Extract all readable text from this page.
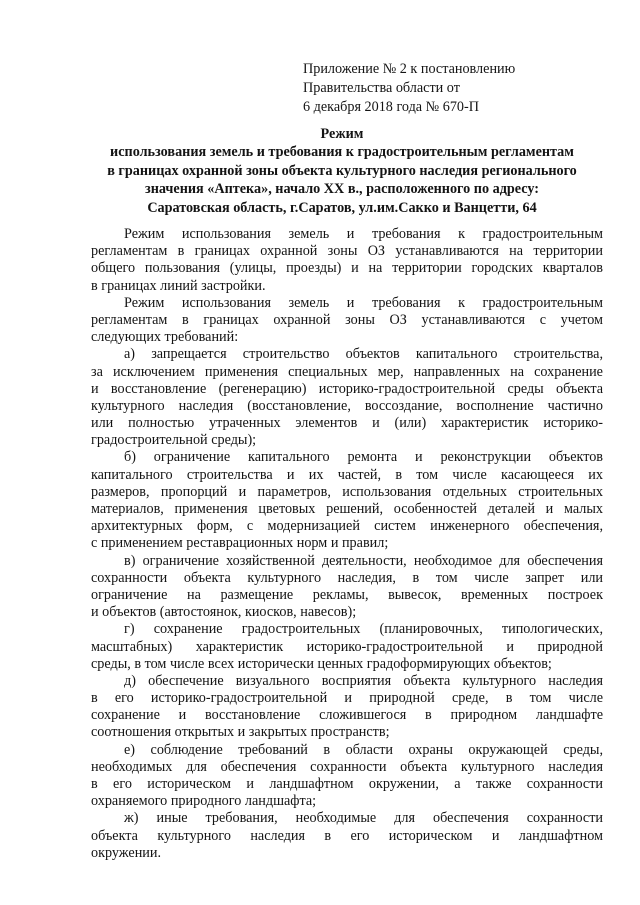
Приложение № 2 к постановлению
Правительства области от
6 декабря 2018 года № 670-П
Режим
использования земель и требования к градостроительным регламентам
в границах охранной зоны объекта культурного наследия регионального
значения «Аптека», начало XX в., расположенного по адресу:
Саратовская область, г.Саратов, ул.им.Сакко и Ванцетти, 64
Режим использования земель и требования к градостроительным
регламентам в границах охранной зоны ОЗ устанавливаются на территории
общего пользования (улицы, проезды) и на территории городских кварталов
в границах линий застройки.
Режим использования земель и требования к градостроительным
регламентам в границах охранной зоны ОЗ устанавливаются с учетом
следующих требований:
а) запрещается строительство объектов капитального строительства,
за исключением применения специальных мер, направленных на сохранение
и восстановление (регенерацию) историко-градостроительной среды объекта
культурного наследия (восстановление, воссоздание, восполнение частично
или полностью утраченных элементов и (или) характеристик историко-
градостроительной среды);
б) ограничение капитального ремонта и реконструкции объектов
капитального строительства и их частей, в том числе касающееся их
размеров, пропорций и параметров, использования отдельных строительных
материалов, применения цветовых решений, особенностей деталей и малых
архитектурных форм, с модернизацией систем инженерного обеспечения,
с применением реставрационных норм и правил;
в) ограничение хозяйственной деятельности, необходимое для обеспечения
сохранности объекта культурного наследия, в том числе запрет или
ограничение на размещение рекламы, вывесок, временных построек
и объектов (автостоянок, киосков, навесов);
г) сохранение градостроительных (планировочных, типологических,
масштабных) характеристик историко-градостроительной и природной
среды, в том числе всех исторически ценных градоформирующих объектов;
д) обеспечение визуального восприятия объекта культурного наследия
в его историко-градостроительной и природной среде, в том числе
сохранение и восстановление сложившегося в природном ландшафте
соотношения открытых и закрытых пространств;
е) соблюдение требований в области охраны окружающей среды,
необходимых для обеспечения сохранности объекта культурного наследия
в его историческом и ландшафтном окружении, а также сохранности
охраняемого природного ландшафта;
ж) иные требования, необходимые для обеспечения сохранности
объекта культурного наследия в его историческом и ландшафтном
окружении.
